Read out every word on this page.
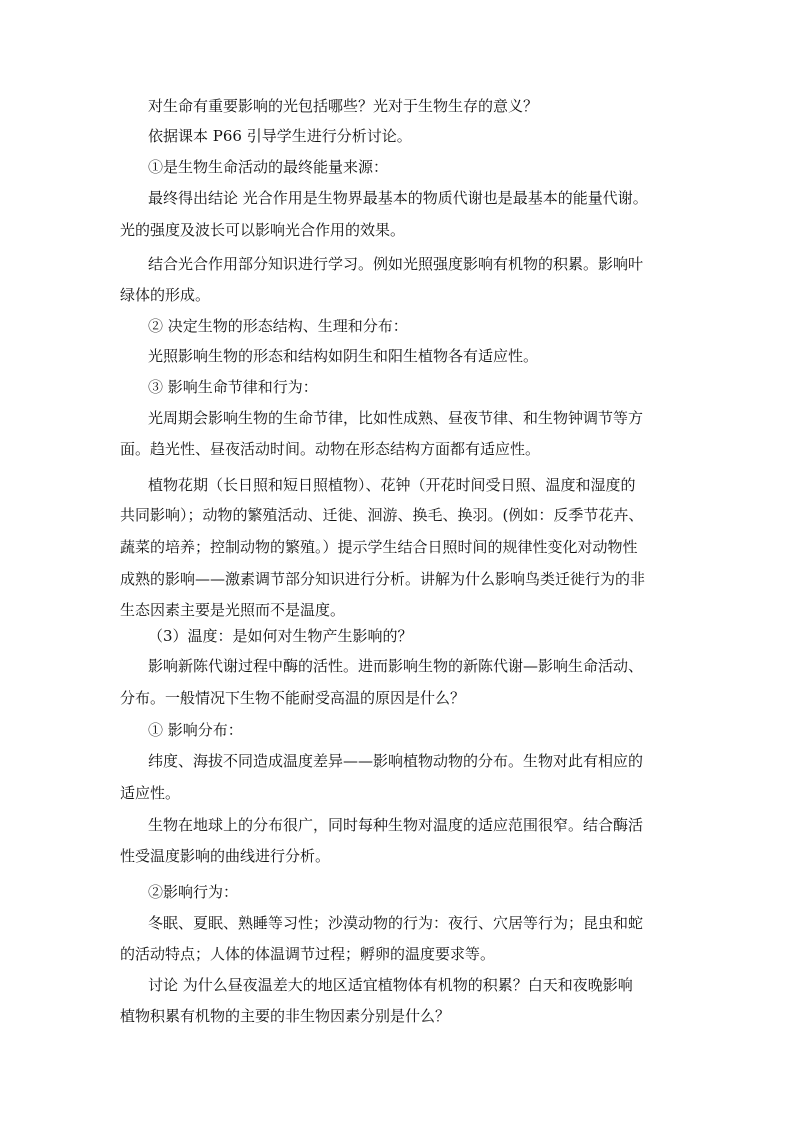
对生命有重要影响的光包括哪些？光对于生物生存的意义？
依据课本 P66 引导学生进行分析讨论。
①是生物生命活动的最终能量来源：
最终得出结论 光合作用是生物界最基本的物质代谢也是最基本的能量代谢。
光的强度及波长可以影响光合作用的效果。
结合光合作用部分知识进行学习。例如光照强度影响有机物的积累。影响叶
绿体的形成。
② 决定生物的形态结构、生理和分布：
光照影响生物的形态和结构如阴生和阳生植物各有适应性。
③ 影响生命节律和行为：
光周期会影响生物的生命节律，比如性成熟、昼夜节律、和生物钟调节等方
面。趋光性、昼夜活动时间。动物在形态结构方面都有适应性。
植物花期（长日照和短日照植物）、花钟（开花时间受日照、温度和湿度的
共同影响）；动物的繁殖活动、迁徙、洄游、换毛、换羽。(例如：反季节花卉、
蔬菜的培养；控制动物的繁殖。）提示学生结合日照时间的规律性变化对动物性
成熟的影响——激素调节部分知识进行分析。讲解为什么影响鸟类迁徙行为的非
生态因素主要是光照而不是温度。
（3）温度：是如何对生物产生影响的？
影响新陈代谢过程中酶的活性。进而影响生物的新陈代谢—影响生命活动、
分布。一般情况下生物不能耐受高温的原因是什么？
① 影响分布：
纬度、海拔不同造成温度差异——影响植物动物的分布。生物对此有相应的
适应性。
生物在地球上的分布很广，同时每种生物对温度的适应范围很窄。结合酶活
性受温度影响的曲线进行分析。
②影响行为：
冬眠、夏眠、熟睡等习性；沙漠动物的行为：夜行、穴居等行为；昆虫和蛇
的活动特点；人体的体温调节过程；孵卵的温度要求等。
讨论 为什么昼夜温差大的地区适宜植物体有机物的积累？白天和夜晚影响
植物积累有机物的主要的非生物因素分别是什么？
